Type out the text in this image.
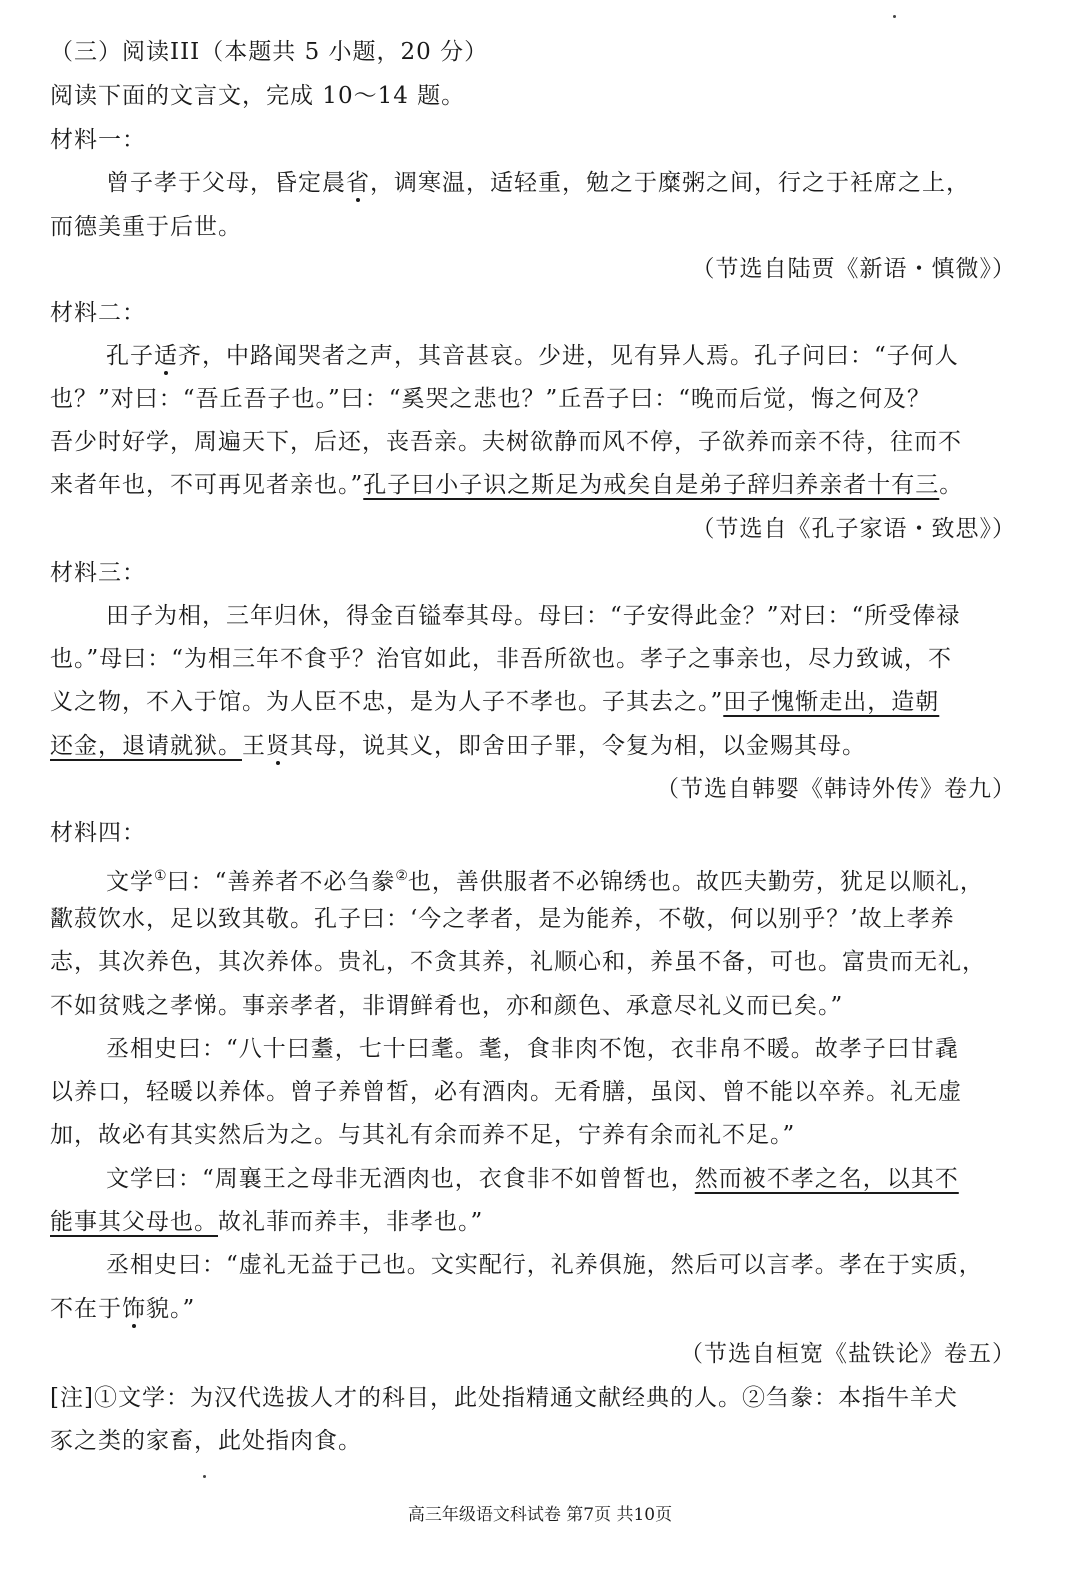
（三）阅读III（本题共 5 小题，20 分）
阅读下面的文言文，完成 10～14 题。
材料一：
曾子孝于父母，昏定晨省，调寒温，适轻重，勉之于糜粥之间，行之于衽席之上，
而德美重于后世。
（节选自陆贾《新语・慎微》）
材料二：
孔子适齐，中路闻哭者之声，其音甚哀。少进，见有异人焉。孔子问曰：“子何人
也？”对曰：“吾丘吾子也。”曰：“奚哭之悲也？”丘吾子曰：“晚而后觉，悔之何及？
吾少时好学，周遍天下，后还，丧吾亲。夫树欲静而风不停，子欲养而亲不待，往而不
来者年也，不可再见者亲也。”孔子曰小子识之斯足为戒矣自是弟子辞归养亲者十有三。
（节选自《孔子家语・致思》）
材料三：
田子为相，三年归休，得金百镒奉其母。母曰：“子安得此金？”对曰：“所受俸禄
也。”母曰：“为相三年不食乎？治官如此，非吾所欲也。孝子之事亲也，尽力致诚，不
义之物，不入于馆。为人臣不忠，是为人子不孝也。子其去之。”田子愧惭走出，造朝
还金，退请就狱。王贤其母，说其义，即舍田子罪，令复为相，以金赐其母。
（节选自韩婴《韩诗外传》卷九）
材料四：
文学①曰：“善养者不必刍豢②也，善供服者不必锦绣也。故匹夫勤劳，犹足以顺礼，
歠菽饮水，足以致其敬。孔子曰：‘今之孝者，是为能养，不敬，何以别乎？’故上孝养
志，其次养色，其次养体。贵礼，不贪其养，礼顺心和，养虽不备，可也。富贵而无礼，
不如贫贱之孝悌。事亲孝者，非谓鲜肴也，亦和颜色、承意尽礼义而已矣。”
丞相史曰：“八十曰耋，七十曰耄。耄，食非肉不饱，衣非帛不暖。故孝子曰甘毳
以养口，轻暖以养体。曾子养曾皙，必有酒肉。无肴膳，虽闵、曾不能以卒养。礼无虚
加，故必有其实然后为之。与其礼有余而养不足，宁养有余而礼不足。”
文学曰：“周襄王之母非无酒肉也，衣食非不如曾皙也，然而被不孝之名，以其不
能事其父母也。故礼菲而养丰，非孝也。”
丞相史曰：“虚礼无益于己也。文实配行，礼养俱施，然后可以言孝。孝在于实质，
不在于饰貌。”
（节选自桓宽《盐铁论》卷五）
[注]①文学：为汉代选拔人才的科目，此处指精通文献经典的人。②刍豢：本指牛羊犬
豕之类的家畜，此处指肉食。
高三年级语文科试卷 第7页 共10页
